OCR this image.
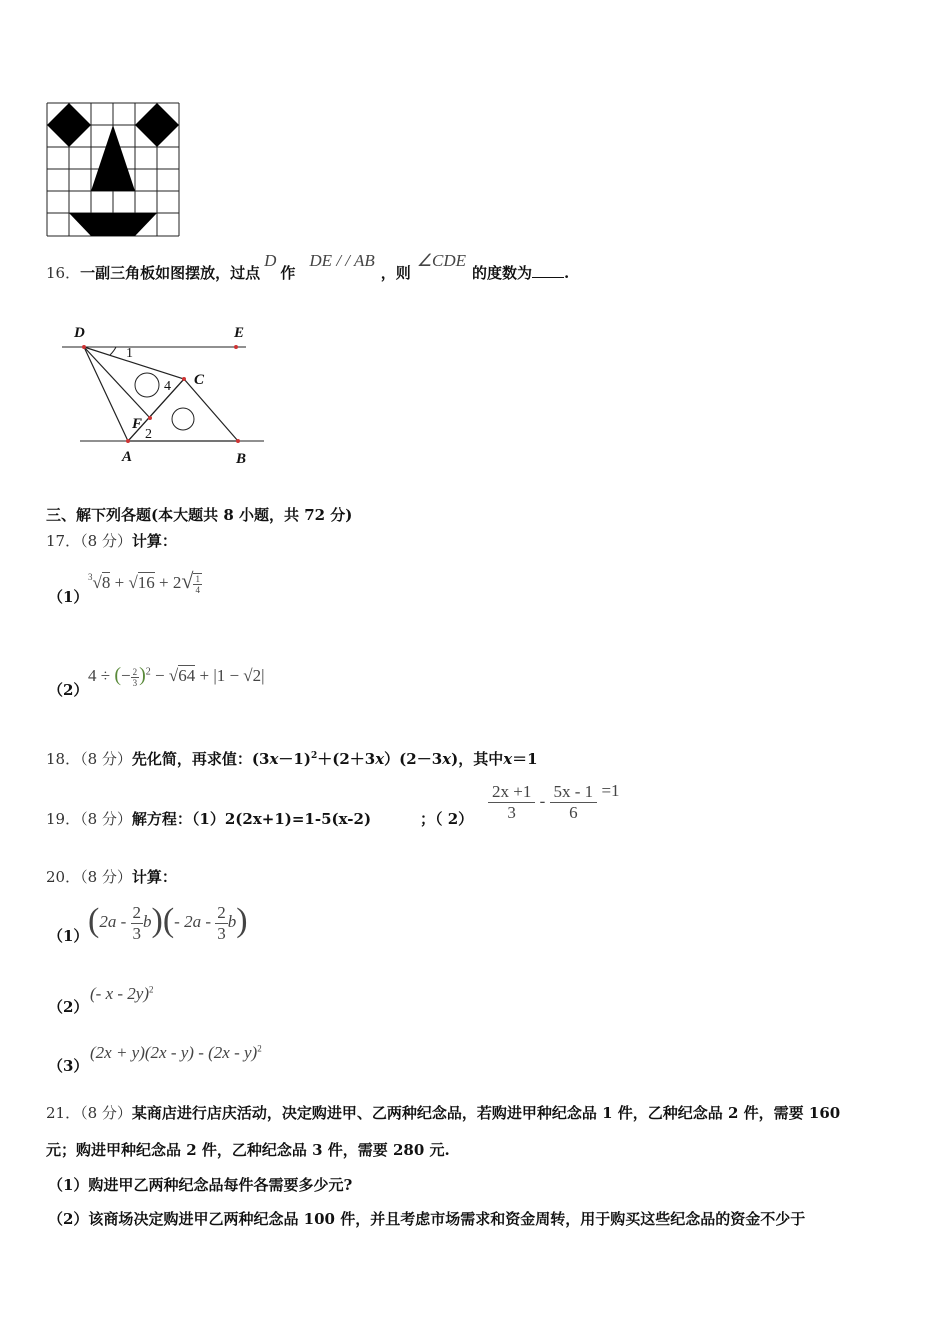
16．一副三角板如图摆放，过点D作DE / / AB，则∠CDE的度数为 .
D	E
C
F
A	B
1
4
2
三、解下列各题(本大题共 8 小题，共 72 分)
17．（8 分）计算：
（1）
$^3√8 + √16 + 2√ \frac{1}{4}$
（2）
4 ÷ (− $\frac{2}{3} )^2 - √64 + |1 - √2|$
18．（8 分）先化简，再求值：$(3x-1)^2+(2+3x)(2-3x)$，其中x＝1
19．（8 分）解方程：（1）2(2x+1)=1-5(x-2)	；（ $2) \frac{2x +1}{3} - \frac{5x - 1}{6} =1$
20．（8 分）计算：
（1） $(2a - \frac{2}{3} b)(-$ $2a - \frac{2}{3} b$)
（2）
(- x - 2y)$^2$
（3）
(2x + y)(2x - y) - (2x - y)$^2$
21．（8 分）某商店进行店庆活动，决定购进甲、乙两种纪念品，若购进甲种纪念品 1 件，乙种纪念品 2 件，需要 160
元；购进甲种纪念品 2 件，乙种纪念品 3 件，需要 280 元.
（1）购进甲乙两种纪念品每件各需要多少元?
（2）该商场决定购进甲乙两种纪念品 100 件，并且考虑市场需求和资金周转，用于购买这些纪念品的资金不少于
